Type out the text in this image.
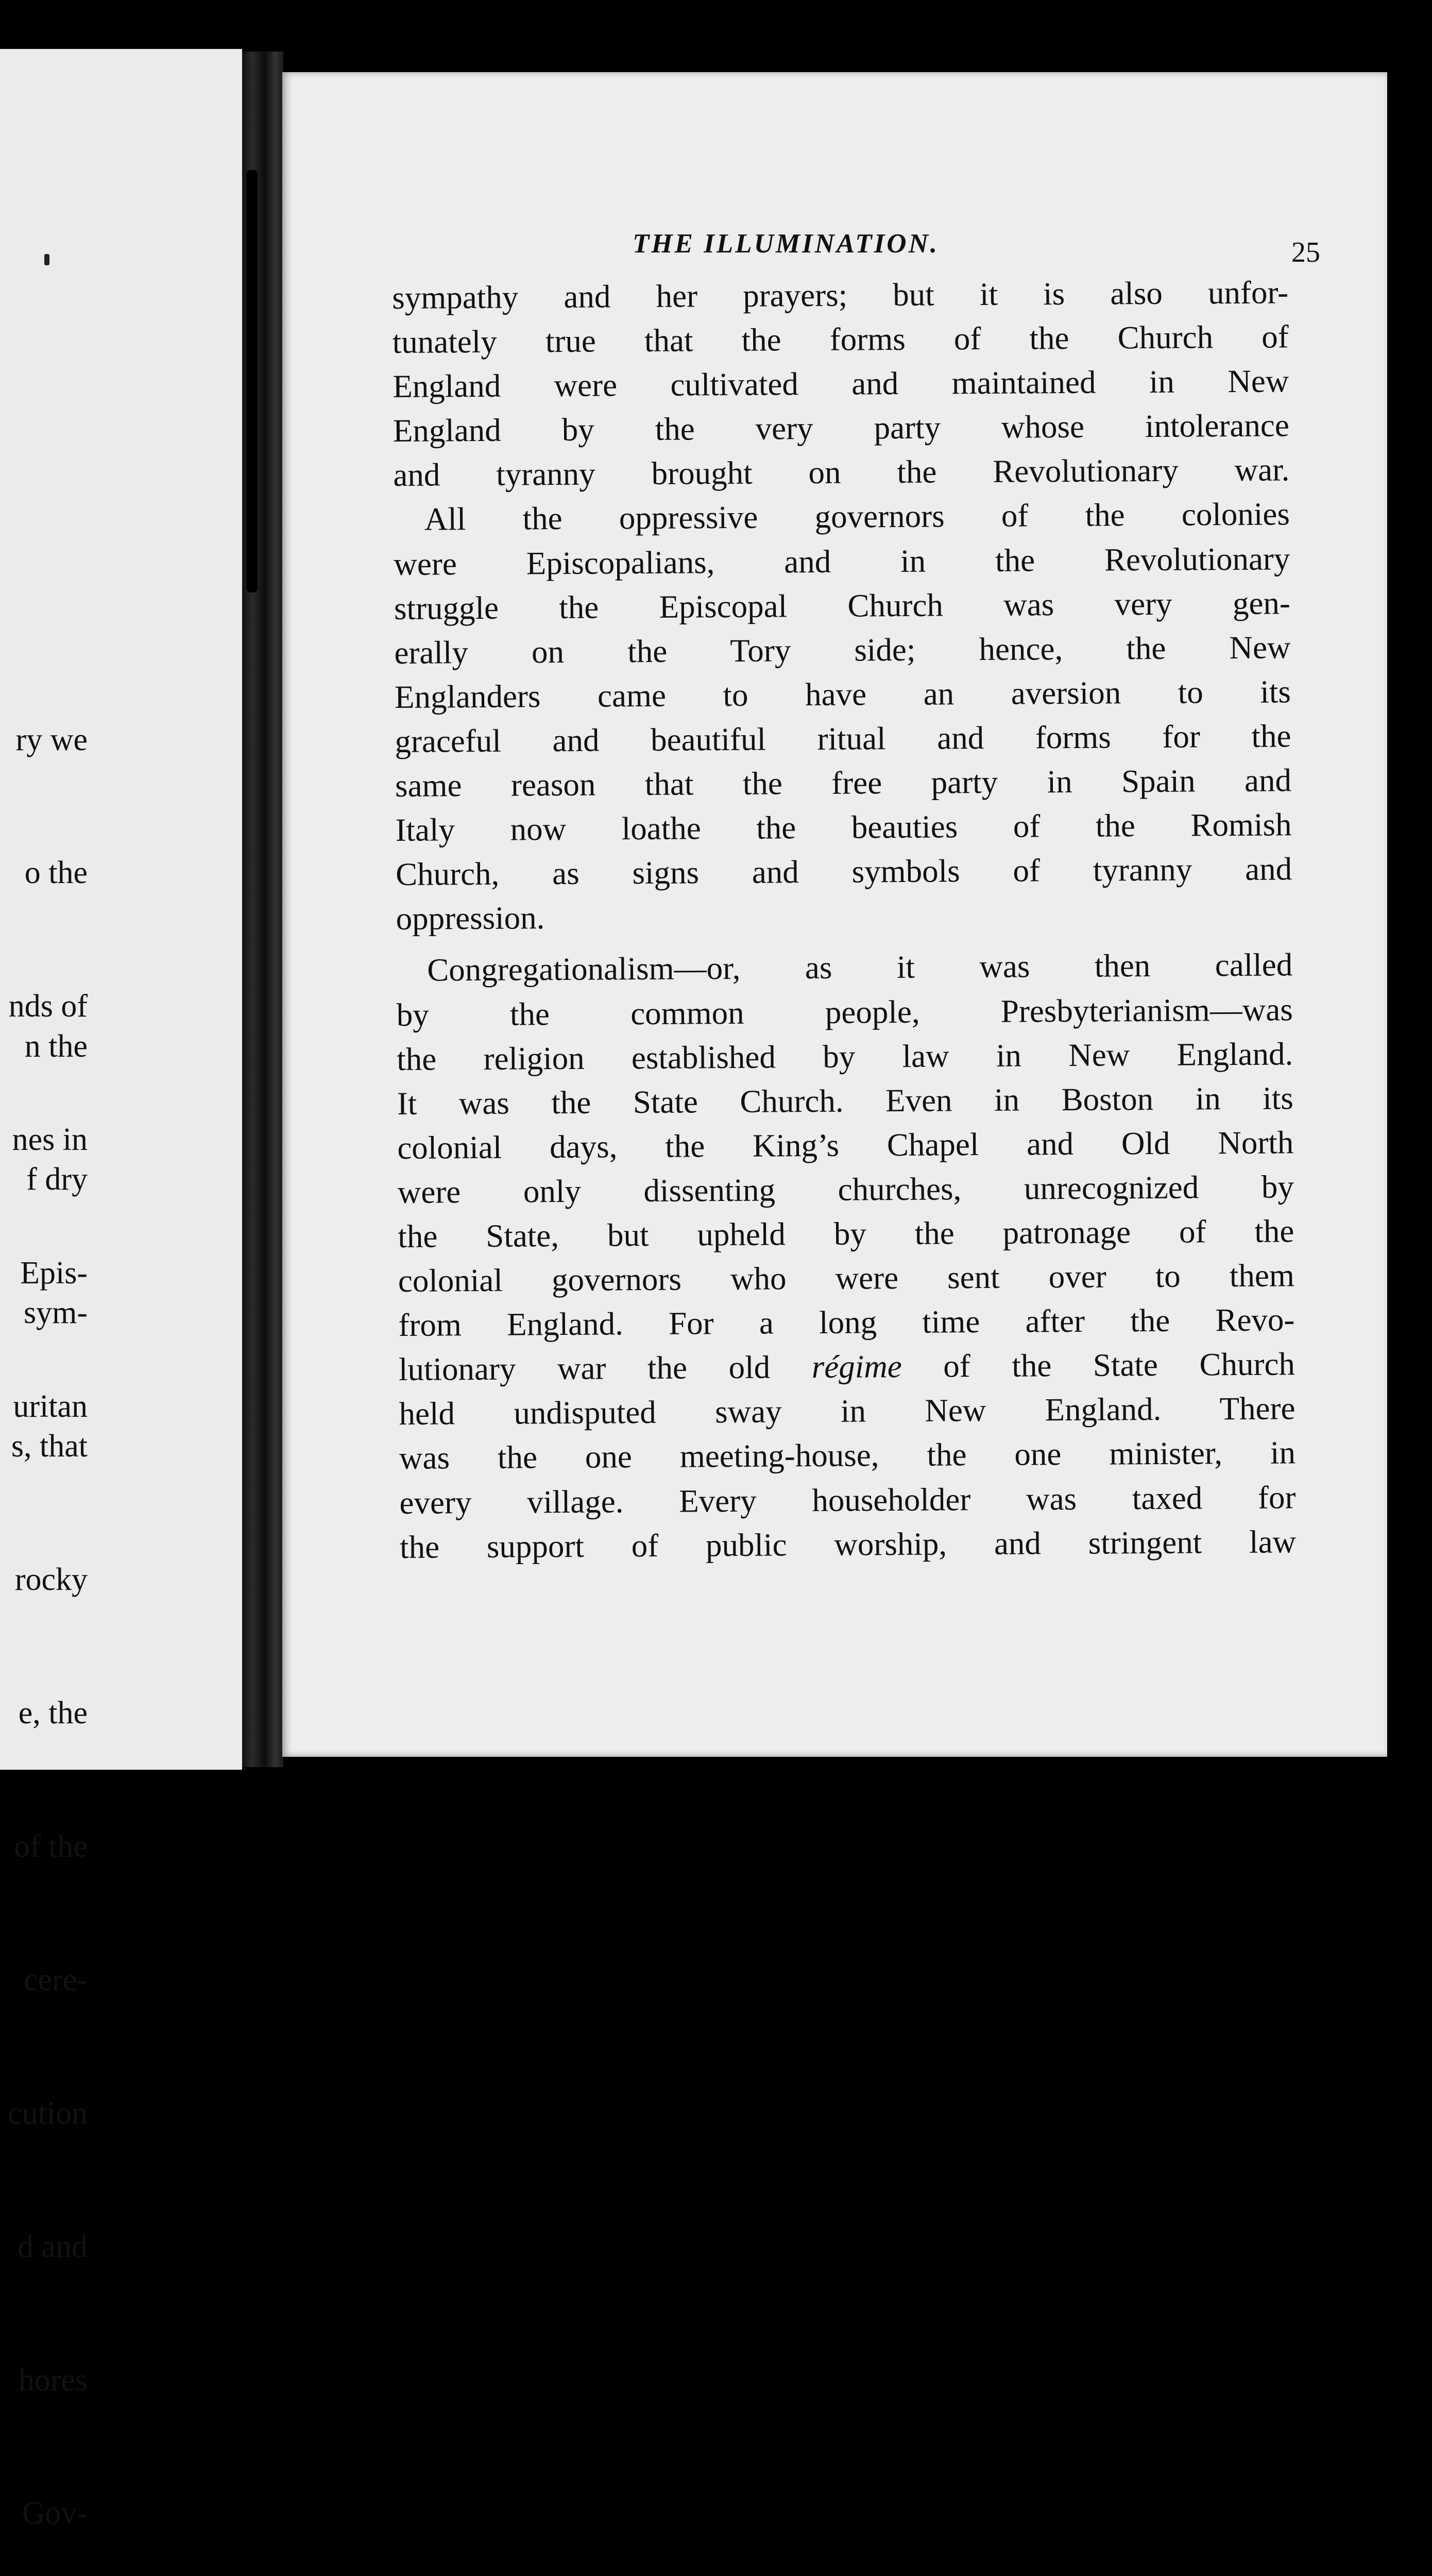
ry we

o the

nds of

nes in

Epis-

uritan

n the

f dry

sym-

s, that

rocky

e, the

of the

cere-

cution

d and

hores

Gov-

THE ILLUMINATION.	25
sympathy and her prayers; but it is also unfor-
tunately true that the forms of the Church of
England were cultivated and maintained in New
England by the very party whose intolerance
and tyranny brought on the Revolutionary war.
All the oppressive governors of the colonies
were Episcopalians, and in the Revolutionary
struggle the Episcopal Church was very gen-
erally on the Tory side; hence, the New
Englanders came to have an aversion to its
graceful and beautiful ritual and forms for the
same reason that the free party in Spain and
Italy now loathe the beauties of the Romish
Church, as signs and symbols of tyranny and
oppression.
Congregationalism—or, as it was then called
by the common people, Presbyterianism—was
the religion established by law in New England.
It was the State Church. Even in Boston in its
colonial days, the King’s Chapel and Old North
were only dissenting churches, unrecognized by
the State, but upheld by the patronage of the
colonial governors who were sent over to them
from England. For a long time after the Revo-
lutionary war the old régime of the State Church
held undisputed sway in New England. There
was the one meeting-house, the one minister, in
every village. Every householder was taxed for
the support of public worship, and stringent law
